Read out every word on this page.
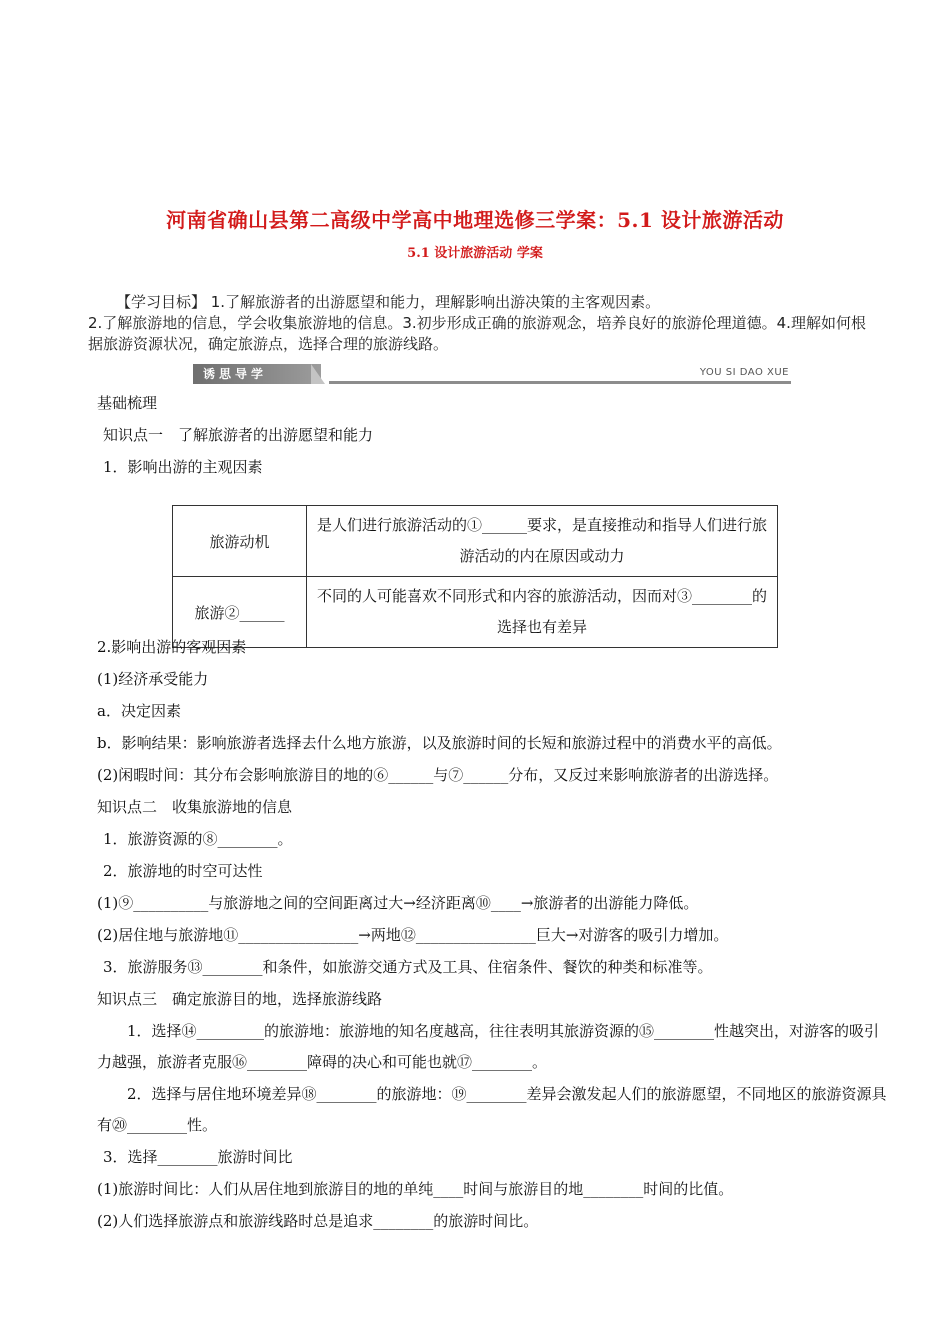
河南省确山县第二高级中学高中地理选修三学案：5.1 设计旅游活动
5.1 设计旅游活动 学案
【学习目标】 1.了解旅游者的出游愿望和能力，理解影响出游决策的主客观因素。
2.了解旅游地的信息，学会收集旅游地的信息。3.初步形成正确的旅游观念，培养良好的旅游伦理道德。4.理解如何根据旅游资源状况，确定旅游点，选择合理的旅游线路。
诱思导学	YOU SI DAO XUE
基础梳理
知识点一　了解旅游者的出游愿望和能力
1．影响出游的主观因素
旅游动机	是人们进行旅游活动的①______要求，是直接推动和指导人们进行旅游活动的内在原因或动力
旅游②______	不同的人可能喜欢不同形式和内容的旅游活动，因而对③________的选择也有差异
2.影响出游的客观因素
(1)经济承受能力
a．决定因素
b．影响结果：影响旅游者选择去什么地方旅游，以及旅游时间的长短和旅游过程中的消费水平的高低。
(2)闲暇时间：其分布会影响旅游目的地的⑥______与⑦______分布，又反过来影响旅游者的出游选择。
知识点二　收集旅游地的信息
1．旅游资源的⑧________。
2．旅游地的时空可达性
(1)⑨__________与旅游地之间的空间距离过大→经济距离⑩____→旅游者的出游能力降低。
(2)居住地与旅游地⑪________________→两地⑫________________巨大→对游客的吸引力增加。
3．旅游服务⑬________和条件，如旅游交通方式及工具、住宿条件、餐饮的种类和标准等。
知识点三　确定旅游目的地，选择旅游线路
1．选择⑭_________的旅游地：旅游地的知名度越高，往往表明其旅游资源的⑮________性越突出，对游客的吸引力越强，旅游者克服⑯________障碍的决心和可能也就⑰________。
2．选择与居住地环境差异⑱________的旅游地：⑲________差异会激发起人们的旅游愿望，不同地区的旅游资源具有⑳________性。
3．选择________旅游时间比
(1)旅游时间比：人们从居住地到旅游目的地的单纯____时间与旅游目的地________时间的比值。
(2)人们选择旅游点和旅游线路时总是追求________的旅游时间比。
